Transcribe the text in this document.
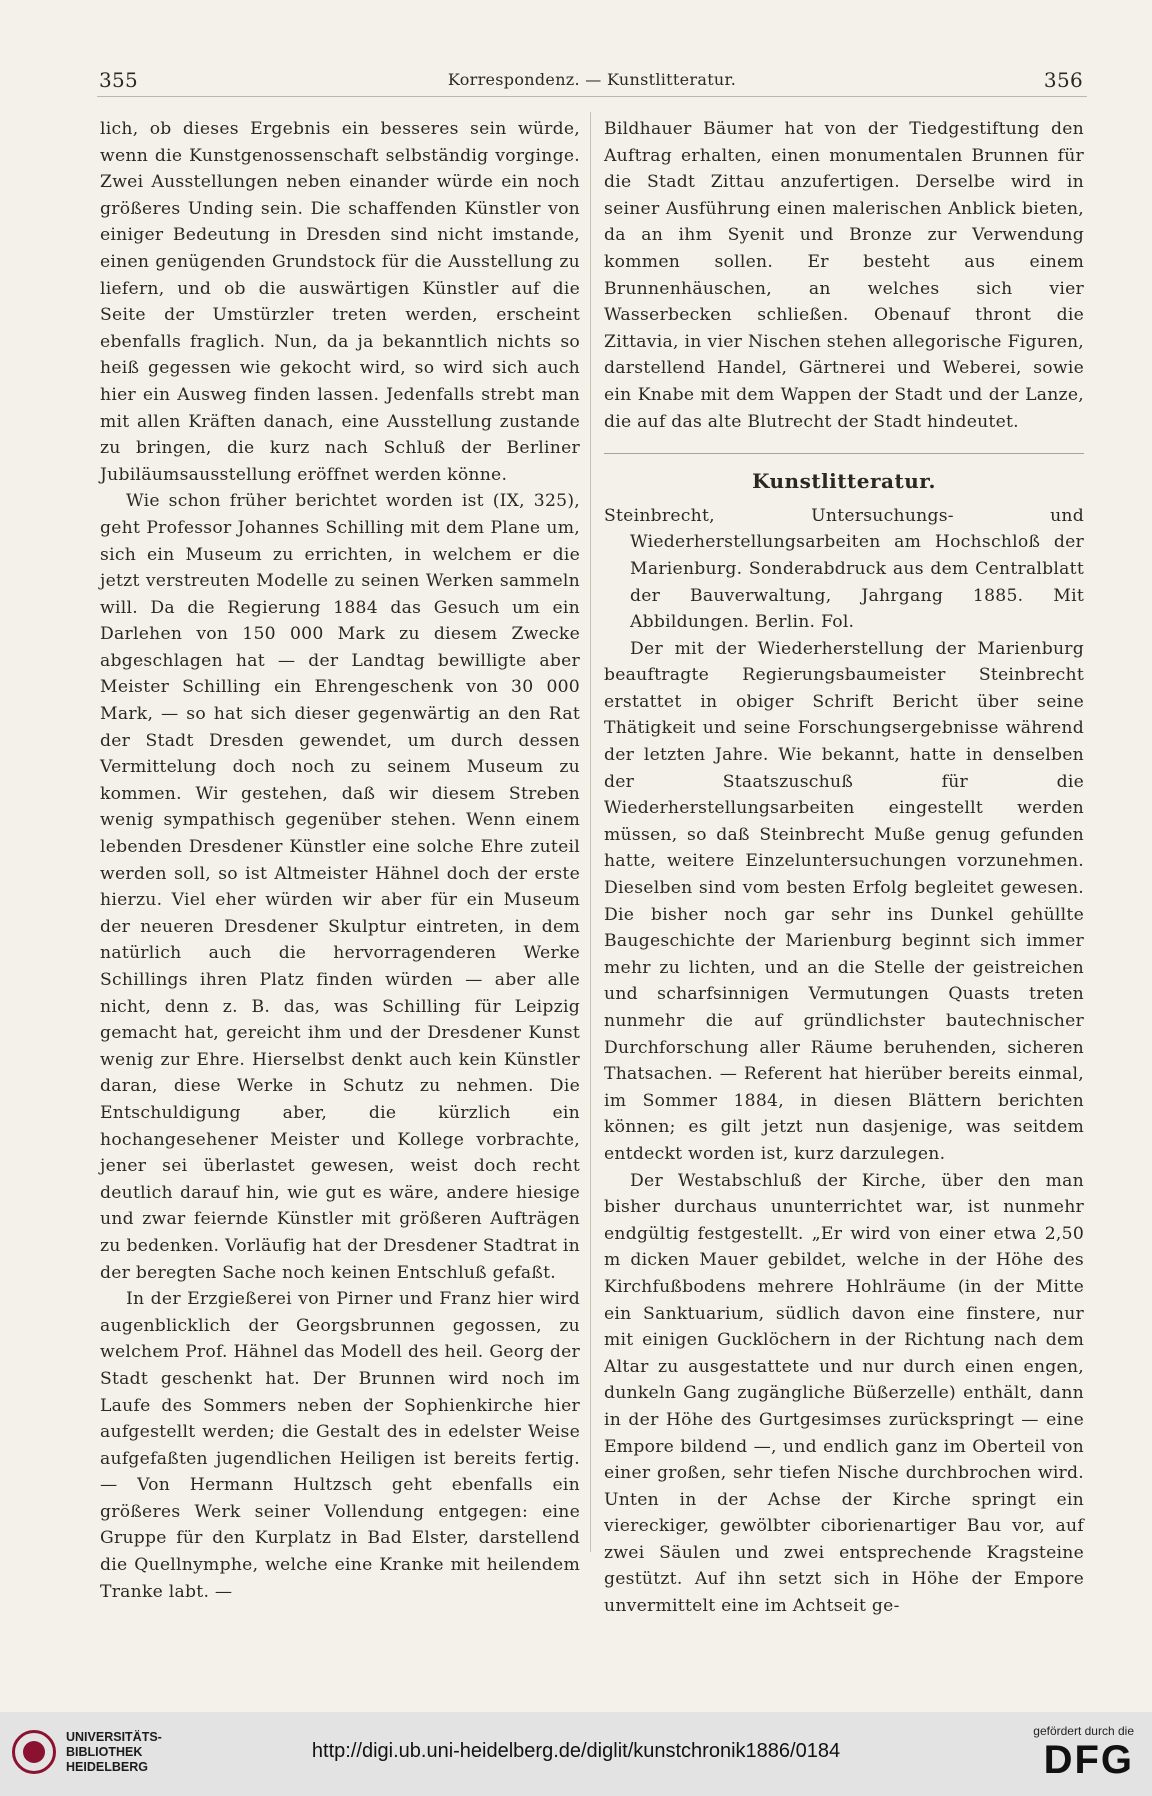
355	Korrespondenz. — Kunstlitteratur.	356

lich, ob dieses Ergebnis ein besseres sein würde, wenn die Kunstgenossenschaft selbständig vorginge. Zwei Ausstellungen neben einander würde ein noch größeres Unding sein. Die schaffenden Künstler von einiger Bedeutung in Dresden sind nicht imstande, einen genügenden Grundstock für die Ausstellung zu liefern, und ob die auswärtigen Künstler auf die Seite der Umstürzler treten werden, erscheint ebenfalls fraglich. Nun, da ja bekanntlich nichts so heiß gegessen wie gekocht wird, so wird sich auch hier ein Ausweg finden lassen. Jedenfalls strebt man mit allen Kräften danach, eine Ausstellung zustande zu bringen, die kurz nach Schluß der Berliner Jubiläumsausstellung eröffnet werden könne.

Wie schon früher berichtet worden ist (IX, 325), geht Professor Johannes Schilling mit dem Plane um, sich ein Museum zu errichten, in welchem er die jetzt verstreuten Modelle zu seinen Werken sammeln will. Da die Regierung 1884 das Gesuch um ein Darlehen von 150 000 Mark zu diesem Zwecke abgeschlagen hat — der Landtag bewilligte aber Meister Schilling ein Ehrengeschenk von 30 000 Mark, — so hat sich dieser gegenwärtig an den Rat der Stadt Dresden gewendet, um durch dessen Vermittelung doch noch zu seinem Museum zu kommen. Wir gestehen, daß wir diesem Streben wenig sympathisch gegenüber stehen. Wenn einem lebenden Dresdener Künstler eine solche Ehre zuteil werden soll, so ist Altmeister Hähnel doch der erste hierzu. Viel eher würden wir aber für ein Museum der neueren Dresdener Skulptur eintreten, in dem natürlich auch die hervorragenderen Werke Schillings ihren Platz finden würden — aber alle nicht, denn z. B. das, was Schilling für Leipzig gemacht hat, gereicht ihm und der Dresdener Kunst wenig zur Ehre. Hierselbst denkt auch kein Künstler daran, diese Werke in Schutz zu nehmen. Die Entschuldigung aber, die kürzlich ein hochangesehener Meister und Kollege vorbrachte, jener sei überlastet gewesen, weist doch recht deutlich darauf hin, wie gut es wäre, andere hiesige und zwar feiernde Künstler mit größeren Aufträgen zu bedenken. Vorläufig hat der Dresdener Stadtrat in der beregten Sache noch keinen Entschluß gefaßt.

In der Erzgießerei von Pirner und Franz hier wird augenblicklich der Georgsbrunnen gegossen, zu welchem Prof. Hähnel das Modell des heil. Georg der Stadt geschenkt hat. Der Brunnen wird noch im Laufe des Sommers neben der Sophienkirche hier aufgestellt werden; die Gestalt des in edelster Weise aufgefaßten jugendlichen Heiligen ist bereits fertig. — Von Hermann Hultzsch geht ebenfalls ein größeres Werk seiner Vollendung entgegen: eine Gruppe für den Kurplatz in Bad Elster, darstellend die Quellnymphe, welche eine Kranke mit heilendem Tranke labt. —

Bildhauer Bäumer hat von der Tiedgestiftung den Auftrag erhalten, einen monumentalen Brunnen für die Stadt Zittau anzufertigen. Derselbe wird in seiner Ausführung einen malerischen Anblick bieten, da an ihm Syenit und Bronze zur Verwendung kommen sollen. Er besteht aus einem Brunnenhäuschen, an welches sich vier Wasserbecken schließen. Obenauf thront die Zittavia, in vier Nischen stehen allegorische Figuren, darstellend Handel, Gärtnerei und Weberei, sowie ein Knabe mit dem Wappen der Stadt und der Lanze, die auf das alte Blutrecht der Stadt hindeutet.

Kunstlitteratur.

Steinbrecht, Untersuchungs- und Wiederherstellungsarbeiten am Hochschloß der Marienburg. Sonderabdruck aus dem Centralblatt der Bauverwaltung, Jahrgang 1885. Mit Abbildungen. Berlin. Fol.

Der mit der Wiederherstellung der Marienburg beauftragte Regierungsbaumeister Steinbrecht erstattet in obiger Schrift Bericht über seine Thätigkeit und seine Forschungsergebnisse während der letzten Jahre. Wie bekannt, hatte in denselben der Staatszuschuß für die Wiederherstellungsarbeiten eingestellt werden müssen, so daß Steinbrecht Muße genug gefunden hatte, weitere Einzeluntersuchungen vorzunehmen. Dieselben sind vom besten Erfolg begleitet gewesen. Die bisher noch gar sehr ins Dunkel gehüllte Baugeschichte der Marienburg beginnt sich immer mehr zu lichten, und an die Stelle der geistreichen und scharfsinnigen Vermutungen Quasts treten nunmehr die auf gründlichster bautechnischer Durchforschung aller Räume beruhenden, sicheren Thatsachen. — Referent hat hierüber bereits einmal, im Sommer 1884, in diesen Blättern berichten können; es gilt jetzt nun dasjenige, was seitdem entdeckt worden ist, kurz darzulegen.

Der Westabschluß der Kirche, über den man bisher durchaus ununterrichtet war, ist nunmehr endgültig festgestellt. „Er wird von einer etwa 2,50 m dicken Mauer gebildet, welche in der Höhe des Kirchfußbodens mehrere Hohlräume (in der Mitte ein Sanktuarium, südlich davon eine finstere, nur mit einigen Gucklöchern in der Richtung nach dem Altar zu ausgestattete und nur durch einen engen, dunkeln Gang zugängliche Büßerzelle) enthält, dann in der Höhe des Gurtgesimses zurückspringt — eine Empore bildend —, und endlich ganz im Oberteil von einer großen, sehr tiefen Nische durchbrochen wird. Unten in der Achse der Kirche springt ein viereckiger, gewölbter ciborienartiger Bau vor, auf zwei Säulen und zwei entsprechende Kragsteine gestützt. Auf ihn setzt sich in Höhe der Empore unvermittelt eine im Achtseit ge-

UNIVERSITÄTS-
BIBLIOTHEK
HEIDELBERG
http://digi.ub.uni-heidelberg.de/diglit/kunstchronik1886/0184
gefördert durch die
DFG
